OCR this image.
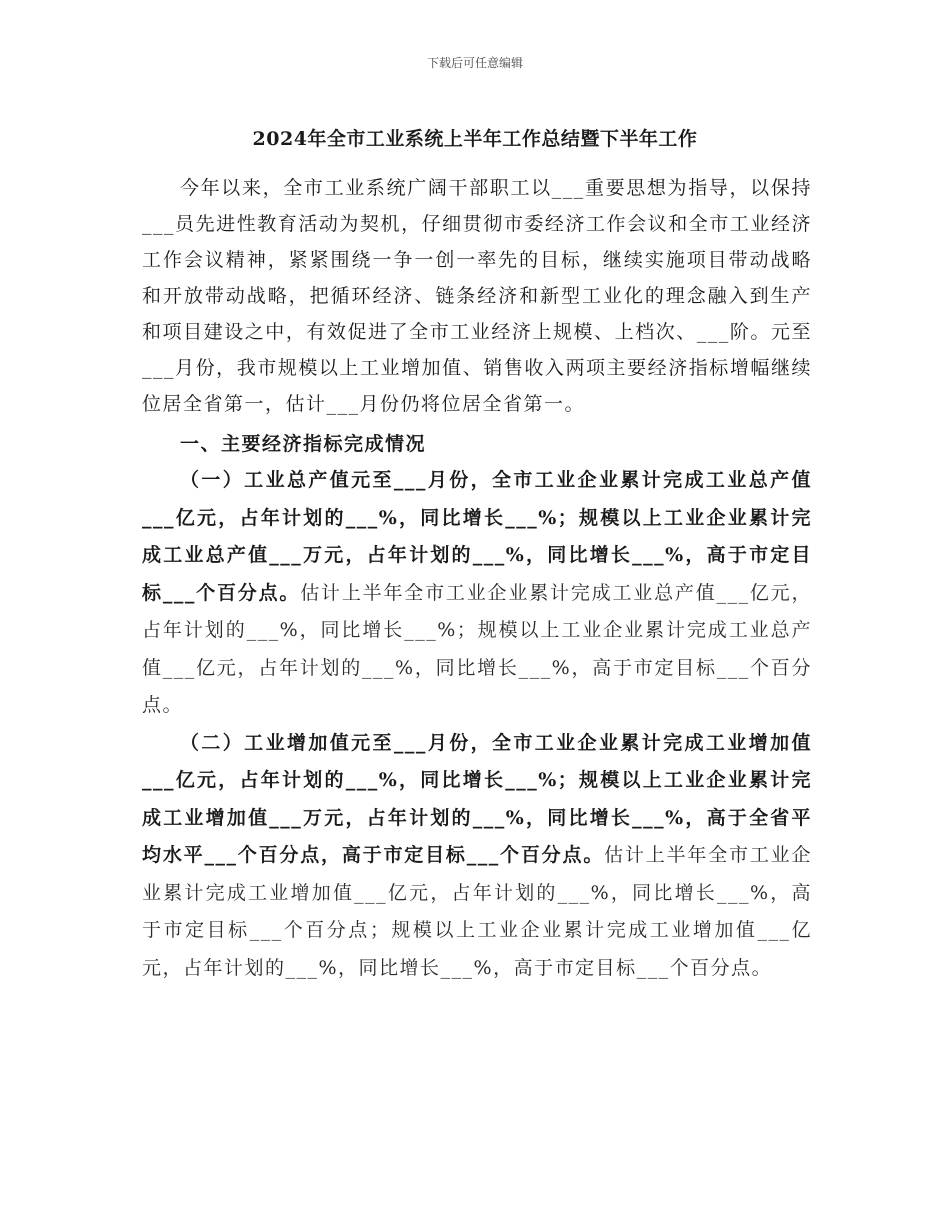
下载后可任意编辑
2024年全市工业系统上半年工作总结暨下半年工作

今年以来，全市工业系统广阔干部职工以___重要思想为指导，以保持___员先进性教育活动为契机，仔细贯彻市委经济工作会议和全市工业经济工作会议精神，紧紧围绕一争一创一率先的目标，继续实施项目带动战略和开放带动战略，把循环经济、链条经济和新型工业化的理念融入到生产和项目建设之中，有效促进了全市工业经济上规模、上档次、___阶。元至___月份，我市规模以上工业增加值、销售收入两项主要经济指标增幅继续位居全省第一，估计___月份仍将位居全省第一。

一、主要经济指标完成情况

（一）工业总产值元至___月份，全市工业企业累计完成工业总产值___亿元，占年计划的___%，同比增长___%；规模以上工业企业累计完成工业总产值___万元，占年计划的___%，同比增长___%，高于市定目标___个百分点。估计上半年全市工业企业累计完成工业总产值___亿元，占年计划的___%，同比增长___%；规模以上工业企业累计完成工业总产值___亿元，占年计划的___%，同比增长___%，高于市定目标___个百分点。

（二）工业增加值元至___月份，全市工业企业累计完成工业增加值___亿元，占年计划的___%，同比增长___%；规模以上工业企业累计完成工业增加值___万元，占年计划的___%，同比增长___%，高于全省平均水平___个百分点，高于市定目标___个百分点。估计上半年全市工业企业累计完成工业增加值___亿元，占年计划的___%，同比增长___%，高于市定目标___个百分点；规模以上工业企业累计完成工业增加值___亿元，占年计划的___%，同比增长___%，高于市定目标___个百分点。
